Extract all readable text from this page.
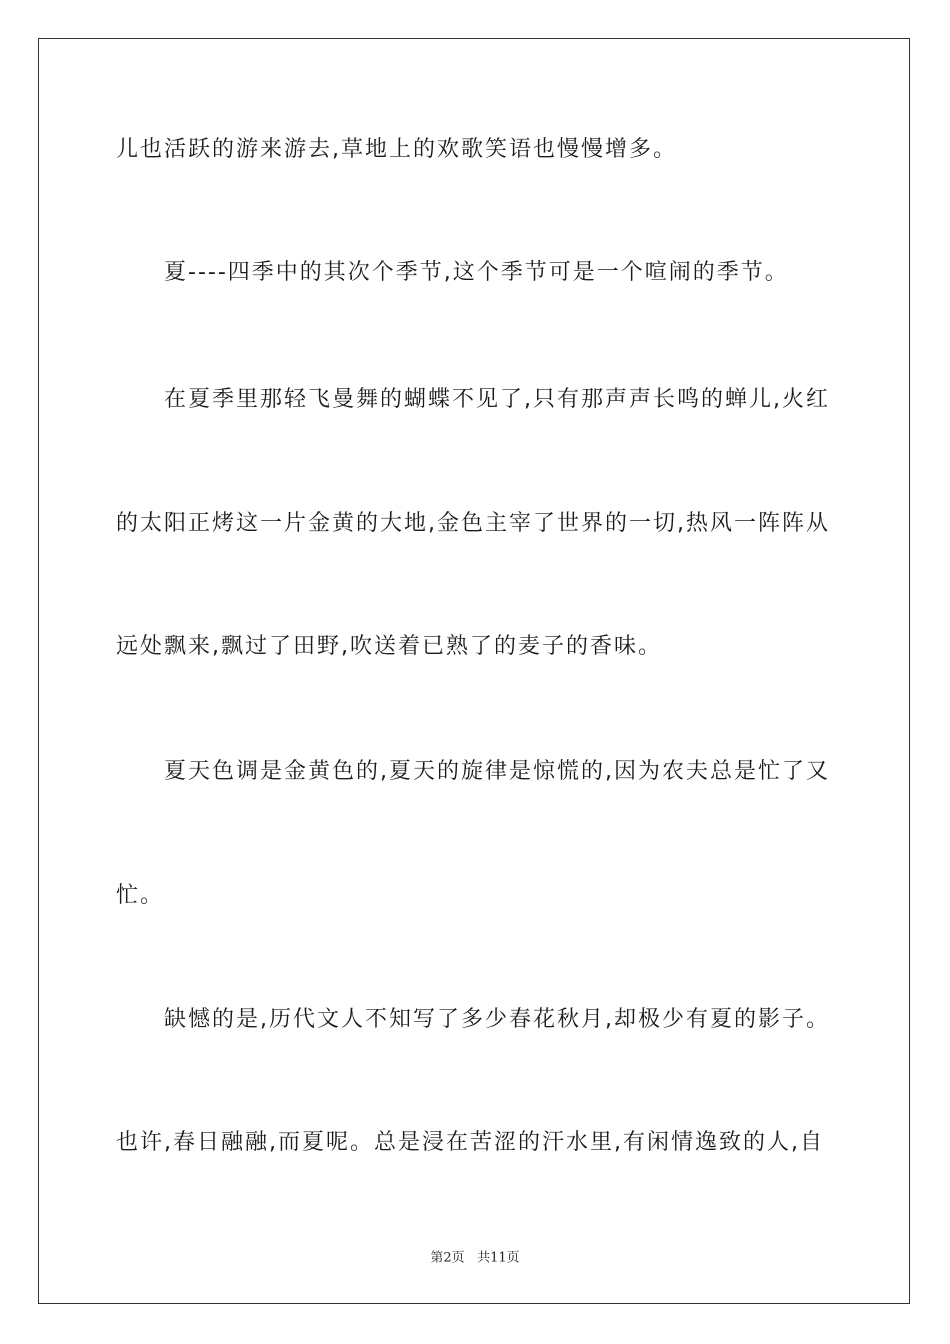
儿也活跃的游来游去,草地上的欢歌笑语也慢慢增多。
　　夏----四季中的其次个季节,这个季节可是一个喧闹的季节。
　　在夏季里那轻飞曼舞的蝴蝶不见了,只有那声声长鸣的蝉儿,火红
的太阳正烤这一片金黄的大地,金色主宰了世界的一切,热风一阵阵从
远处飘来,飘过了田野,吹送着已熟了的麦子的香味。
　　夏天色调是金黄色的,夏天的旋律是惊慌的,因为农夫总是忙了又
忙。
　　缺憾的是,历代文人不知写了多少春花秋月,却极少有夏的影子。
也许,春日融融,而夏呢。总是浸在苦涩的汗水里,有闲情逸致的人,自
第2页 共11页
